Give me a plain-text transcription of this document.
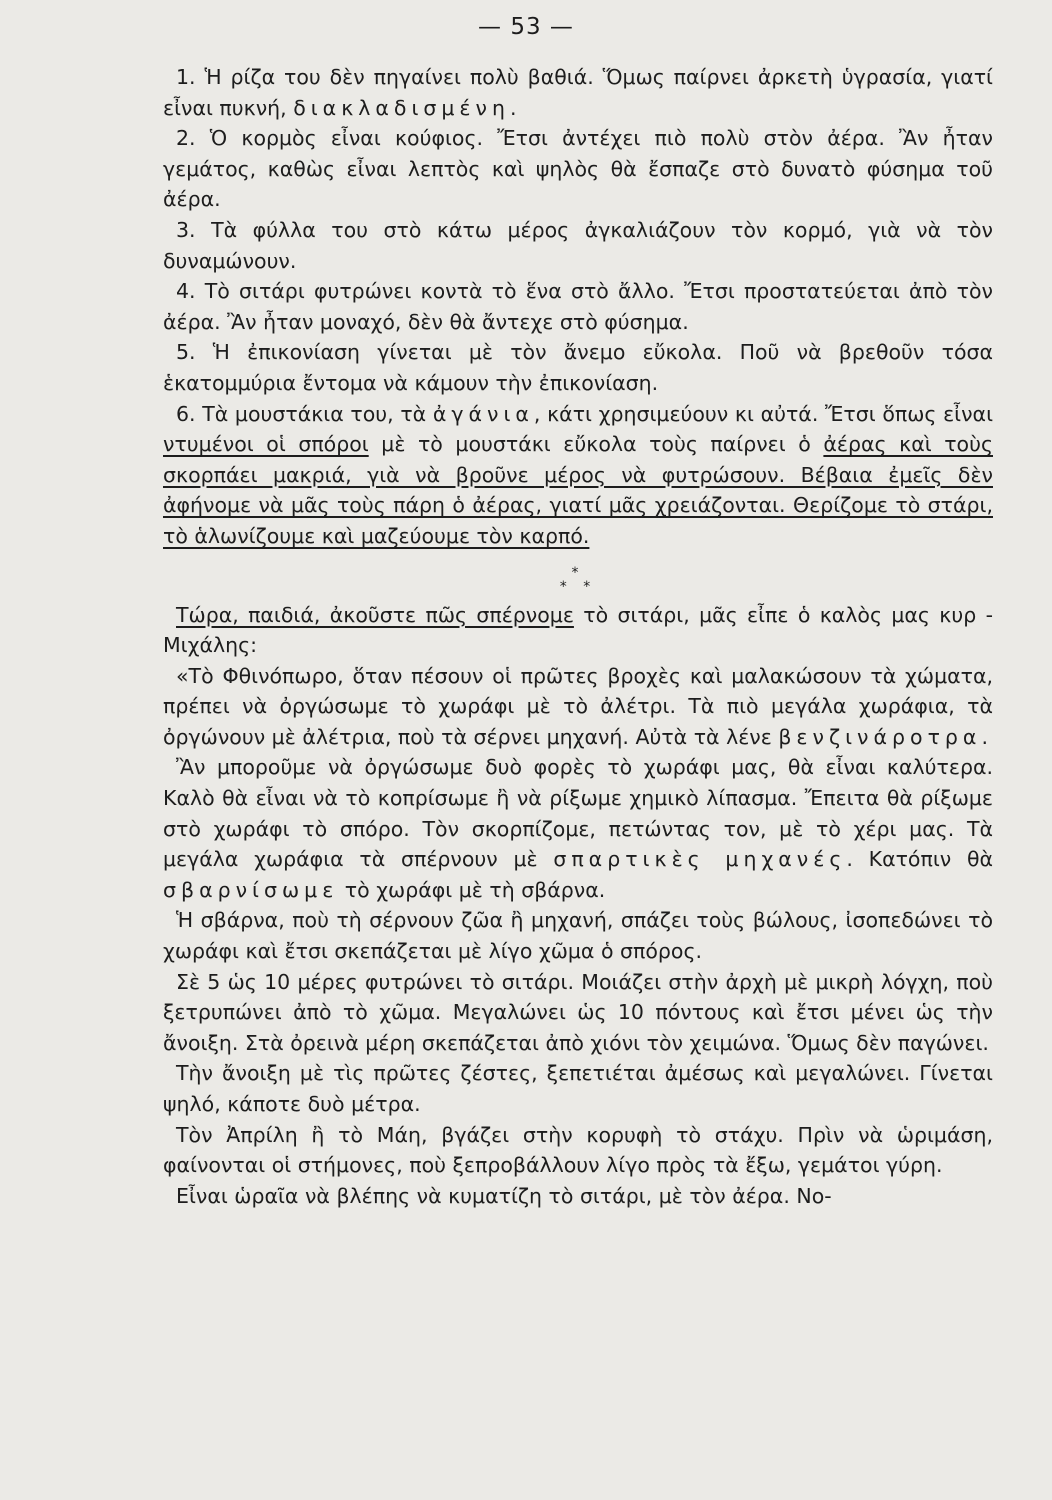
— 53 —

1. Ἡ ρίζα του δὲν πηγαίνει πολὺ βαθιά. Ὅμως παίρνει ἀρκετὴ ὑγρασία, γιατί εἶναι πυκνή, διακλαδισμένη.

2. Ὁ κορμὸς εἶναι κούφιος. Ἔτσι ἀντέχει πιὸ πολὺ στὸν ἀέρα. Ἂν ἦταν γεμάτος, καθὼς εἶναι λεπτὸς καὶ ψηλὸς θὰ ἔσπαζε στὸ δυνατὸ φύσημα τοῦ ἀέρα.

3. Τὰ φύλλα του στὸ κάτω μέρος ἀγκαλιάζουν τὸν κορμό, γιὰ νὰ τὸν δυναμώνουν.

4. Τὸ σιτάρι φυτρώνει κοντὰ τὸ ἕνα στὸ ἄλλο. Ἔτσι προστατεύεται ἀπὸ τὸν ἀέρα. Ἂν ἦταν μοναχό, δὲν θὰ ἄντεχε στὸ φύσημα.

5. Ἡ ἐπικονίαση γίνεται μὲ τὸν ἄνεμο εὔκολα. Ποῦ νὰ βρεθοῦν τόσα ἑκατομμύρια ἔντομα νὰ κάμουν τὴν ἐπικονίαση.

6. Τὰ μουστάκια του, τὰ ἀγάνια, κάτι χρησιμεύουν κι αὐτά. Ἔτσι ὅπως εἶναι ντυμένοι οἱ σπόροι μὲ τὸ μουστάκι εὔκολα τοὺς παίρνει ὁ ἀέρας καὶ τοὺς σκορπάει μακριά, γιὰ νὰ βροῦνε μέρος νὰ φυτρώσουν. Βέβαια ἐμεῖς δὲν ἀφήνομε νὰ μᾶς τοὺς πάρη ὁ ἀέρας, γιατί μᾶς χρειάζονται. Θερίζομε τὸ στάρι, τὸ ἁλωνίζουμε καὶ μαζεύουμε τὸν καρπό.

*
* *

Τώρα, παιδιά, ἀκοῦστε πῶς σπέρνομε τὸ σιτάρι, μᾶς εἶπε ὁ καλὸς μας κυρ - Μιχάλης:

«Τὸ Φθινόπωρο, ὅταν πέσουν οἱ πρῶτες βροχὲς καὶ μαλακώσουν τὰ χώματα, πρέπει νὰ ὀργώσωμε τὸ χωράφι μὲ τὸ ἀλέτρι. Τὰ πιὸ μεγάλα χωράφια, τὰ ὀργώνουν μὲ ἀλέτρια, ποὺ τὰ σέρνει μηχανή. Αὐτὰ τὰ λένε βενζινάροτρα.

Ἂν μποροῦμε νὰ ὀργώσωμε δυὸ φορὲς τὸ χωράφι μας, θὰ εἶναι καλύτερα. Καλὸ θὰ εἶναι νὰ τὸ κοπρίσωμε ἢ νὰ ρίξωμε χημικὸ λίπασμα. Ἔπειτα θὰ ρίξωμε στὸ χωράφι τὸ σπόρο. Τὸν σκορπίζομε, πετώντας τον, μὲ τὸ χέρι μας. Τὰ μεγάλα χωράφια τὰ σπέρνουν μὲ σπαρτικὲς μηχανές. Κατόπιν θὰ σβαρνίσωμε τὸ χωράφι μὲ τὴ σβάρνα.

Ἡ σβάρνα, ποὺ τὴ σέρνουν ζῶα ἢ μηχανή, σπάζει τοὺς βώλους, ἰσοπεδώνει τὸ χωράφι καὶ ἔτσι σκεπάζεται μὲ λίγο χῶμα ὁ σπόρος.

Σὲ 5 ὡς 10 μέρες φυτρώνει τὸ σιτάρι. Μοιάζει στὴν ἀρχὴ μὲ μικρὴ λόγχη, ποὺ ξετρυπώνει ἀπὸ τὸ χῶμα. Μεγαλώνει ὡς 10 πόντους καὶ ἔτσι μένει ὡς τὴν ἄνοιξη. Στὰ ὀρεινὰ μέρη σκεπάζεται ἀπὸ χιόνι τὸν χειμώνα. Ὅμως δὲν παγώνει.

Τὴν ἄνοιξη μὲ τὶς πρῶτες ζέστες, ξεπετιέται ἀμέσως καὶ μεγαλώνει. Γίνεται ψηλό, κάποτε δυὸ μέτρα.

Τὸν Ἀπρίλη ἢ τὸ Μάη, βγάζει στὴν κορυφὴ τὸ στάχυ. Πρὶν νὰ ὡριμάση, φαίνονται οἱ στήμονες, ποὺ ξεπροβάλλουν λίγο πρὸς τὰ ἔξω, γεμάτοι γύρη.

Εἶναι ὡραῖα νὰ βλέπης νὰ κυματίζη τὸ σιτάρι, μὲ τὸν ἀέρα. Νο-
